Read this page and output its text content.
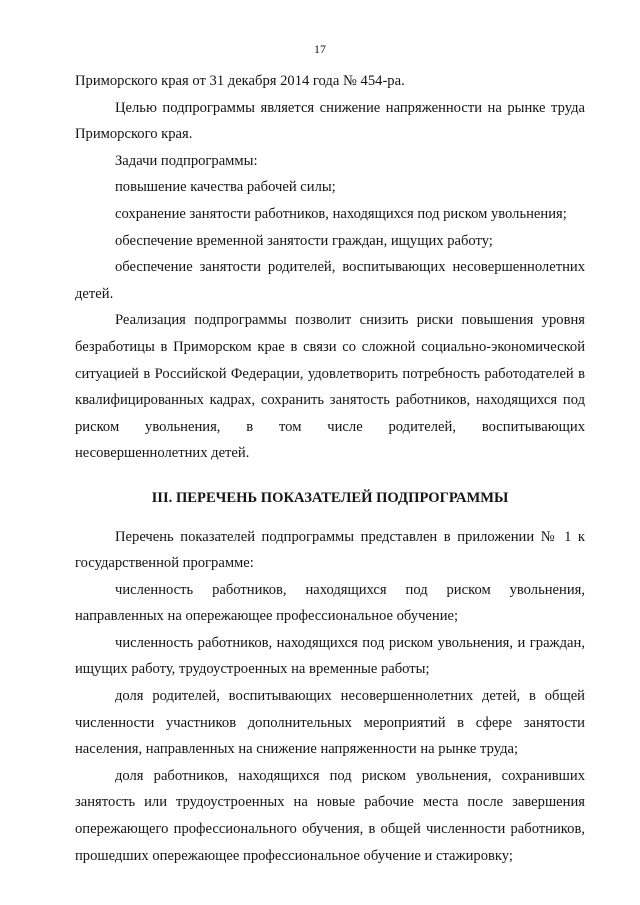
17

Приморского края от 31 декабря 2014 года № 454-ра.

Целью подпрограммы является снижение напряженности на рынке труда Приморского края.

Задачи подпрограммы:

повышение качества рабочей силы;

сохранение занятости работников, находящихся под риском увольнения;

обеспечение временной занятости граждан, ищущих работу;

обеспечение занятости родителей, воспитывающих несовершеннолетних детей.

Реализация подпрограммы позволит снизить риски повышения уровня безработицы в Приморском крае в связи со сложной социально-экономической ситуацией в Российской Федерации, удовлетворить потребность работодателей в квалифицированных кадрах, сохранить занятость работников, находящихся под риском увольнения, в том числе родителей, воспитывающих несовершеннолетних детей.

III. ПЕРЕЧЕНЬ ПОКАЗАТЕЛЕЙ ПОДПРОГРАММЫ

Перечень показателей подпрограммы представлен в приложении № 1 к государственной программе:

численность работников, находящихся под риском увольнения, направленных на опережающее профессиональное обучение;

численность работников, находящихся под риском увольнения, и граждан, ищущих работу, трудоустроенных на временные работы;

доля родителей, воспитывающих несовершеннолетних детей, в общей численности участников дополнительных мероприятий в сфере занятости населения, направленных на снижение напряженности на рынке труда;

доля работников, находящихся под риском увольнения, сохранивших занятость или трудоустроенных на новые рабочие места после завершения опережающего профессионального обучения, в общей численности работников, прошедших опережающее профессиональное обучение и стажировку;
